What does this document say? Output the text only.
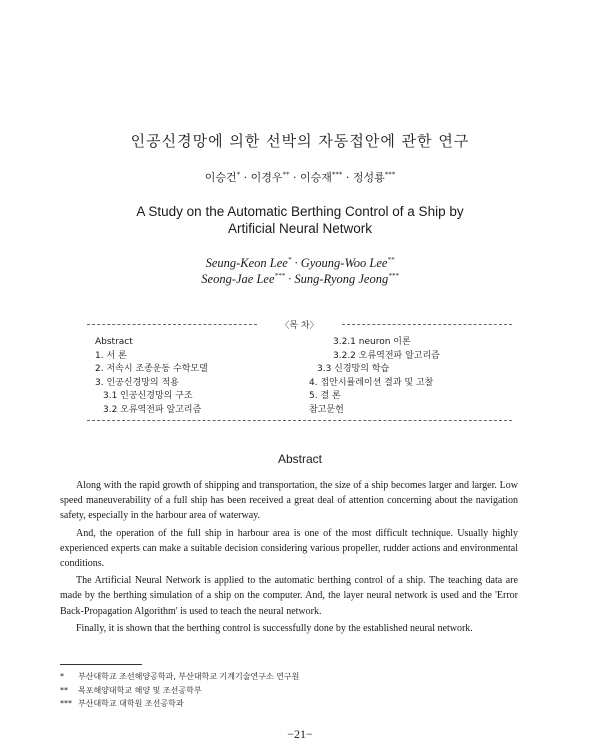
인공신경망에 의한 선박의 자동접안에 관한 연구
이승건* · 이경우** · 이승재*** · 정성룡***
A Study on the Automatic Berthing Control of a Ship by
Artificial Neural Network
Seung-Keon Lee* · Gyoung-Woo Lee**
Seong-Jae Lee*** · Sung-Ryong Jeong***
〈목 차〉
Abstract
1. 서 론
2. 저속시 조종운동 수학모델
3. 인공신경망의 적용
3.1 인공신경망의 구조
3.2 오류역전파 알고리즘
3.2.1 neuron 이론
3.2.2 오류역전파 알고리즘
3.3 신경망의 학습
4. 접안시뮬레이션 결과 및 고찰
5. 결 론
참고문헌
Abstract

Along with the rapid growth of shipping and transportation, the size of a ship becomes larger and larger. Low speed maneuverability of a full ship has been received a great deal of attention concerning about the navigation safety, especially in the harbour area of waterway.

And, the operation of the full ship in harbour area is one of the most difficult technique. Usually highly experienced experts can make a suitable decision considering various propeller, rudder actions and environmental conditions.

The Artificial Neural Network is applied to the automatic berthing control of a ship. The teaching data are made by the berthing simulation of a ship on the computer. And, the layer neural network is used and the 'Error Back-Propagation Algorithm' is used to teach the neural network.

Finally, it is shown that the berthing control is successfully done by the established neural network.

* 부산대학교 조선해양공학과, 부산대학교 기계기술연구소 연구원
** 목포해양대학교 해양 및 조선공학부
*** 부산대학교 대학원 조선공학과
−21−
